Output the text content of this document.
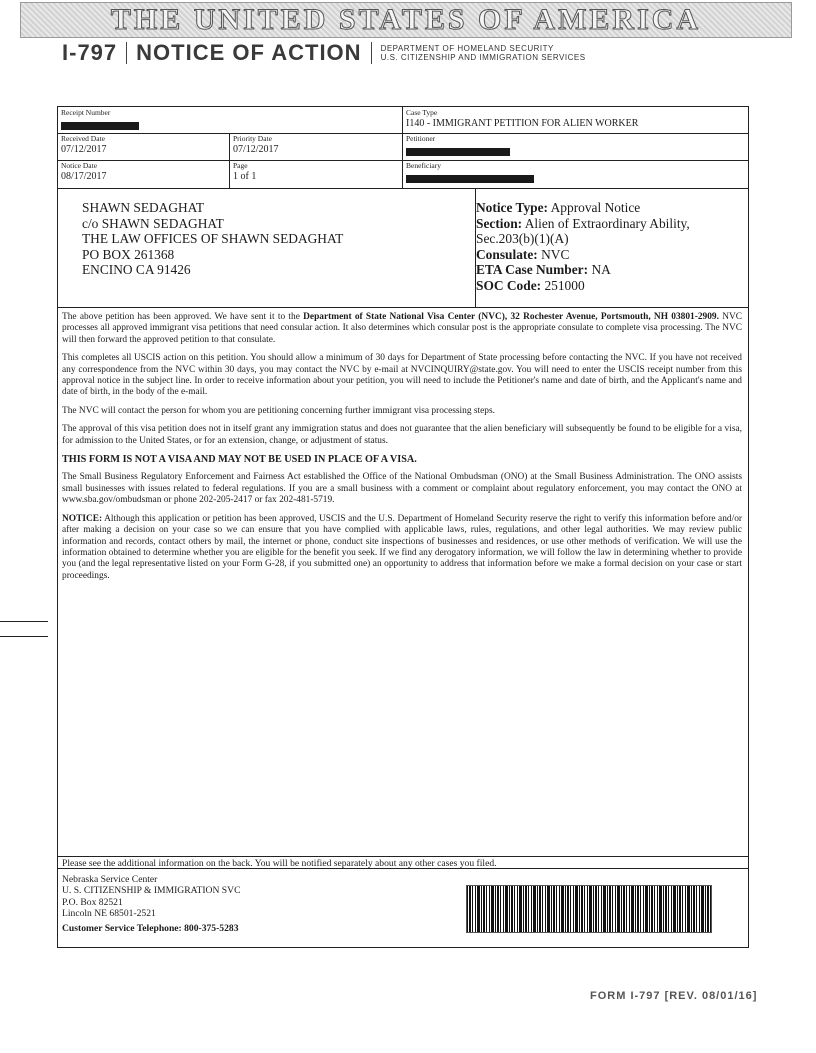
THE UNITED STATES OF AMERICA
I-797 NOTICE OF ACTION DEPARTMENT OF HOMELAND SECURITY
U.S. CITIZENSHIP AND IMMIGRATION SERVICES
Receipt Number	Case Type
I140 - IMMIGRANT PETITION FOR ALIEN WORKER
Received Date
07/12/2017
Priority Date
07/12/2017
Petitioner
Notice Date
08/17/2017
Page
1 of 1
Beneficiary
SHAWN SEDAGHAT
c/o SHAWN SEDAGHAT
THE LAW OFFICES OF SHAWN SEDAGHAT
PO BOX 261368
ENCINO CA 91426
Notice Type: Approval Notice
Section: Alien of Extraordinary Ability,
Sec.203(b)(1)(A)
Consulate: NVC
ETA Case Number: NA
SOC Code: 251000

The above petition has been approved. We have sent it to the Department of State National Visa Center (NVC), 32 Rochester Avenue, Portsmouth, NH 03801-2909. NVC processes all approved immigrant visa petitions that need consular action. It also determines which consular post is the appropriate consulate to complete visa processing. The NVC will then forward the approved petition to that consulate.

This completes all USCIS action on this petition. You should allow a minimum of 30 days for Department of State processing before contacting the NVC. If you have not received any correspondence from the NVC within 30 days, you may contact the NVC by e-mail at NVCINQUIRY@state.gov. You will need to enter the USCIS receipt number from this approval notice in the subject line. In order to receive information about your petition, you will need to include the Petitioner's name and date of birth, and the Applicant's name and date of birth, in the body of the e-mail.

The NVC will contact the person for whom you are petitioning concerning further immigrant visa processing steps.

The approval of this visa petition does not in itself grant any immigration status and does not guarantee that the alien beneficiary will subsequently be found to be eligible for a visa, for admission to the United States, or for an extension, change, or adjustment of status.

THIS FORM IS NOT A VISA AND MAY NOT BE USED IN PLACE OF A VISA.

The Small Business Regulatory Enforcement and Fairness Act established the Office of the National Ombudsman (ONO) at the Small Business Administration. The ONO assists small businesses with issues related to federal regulations. If you are a small business with a comment or complaint about regulatory enforcement, you may contact the ONO at www.sba.gov/ombudsman or phone 202-205-2417 or fax 202-481-5719.

NOTICE: Although this application or petition has been approved, USCIS and the U.S. Department of Homeland Security reserve the right to verify this information before and/or after making a decision on your case so we can ensure that you have complied with applicable laws, rules, regulations, and other legal authorities. We may review public information and records, contact others by mail, the internet or phone, conduct site inspections of businesses and residences, or use other methods of verification. We will use the information obtained to determine whether you are eligible for the benefit you seek. If we find any derogatory information, we will follow the law in determining whether to provide you (and the legal representative listed on your Form G-28, if you submitted one) an opportunity to address that information before we make a formal decision on your case or start proceedings.

Please see the additional information on the back. You will be notified separately about any other cases you filed.
Nebraska Service Center
U. S. CITIZENSHIP & IMMIGRATION SVC
P.O. Box 82521
Lincoln NE 68501-2521
Customer Service Telephone: 800-375-5283
FORM I-797 [REV. 08/01/16]
